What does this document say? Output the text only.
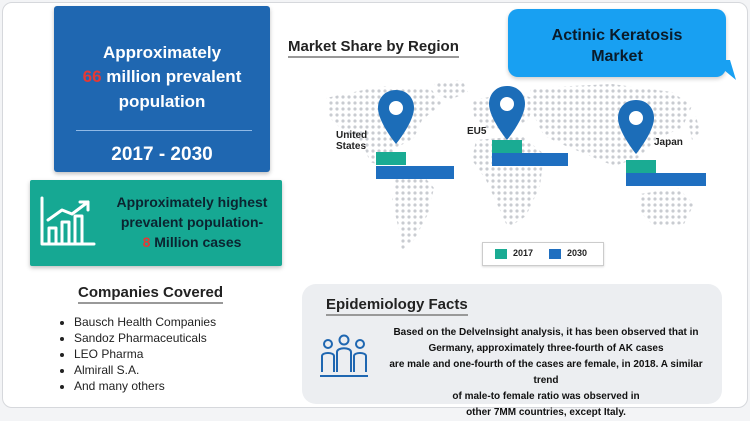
Approximately
66 million prevalent
population
2017 - 2030
Approximately highest
prevalent population-
8 Million cases
Companies Covered
• Bausch Health Companies
• Sandoz Pharmaceuticals
• LEO Pharma
• Almirall S.A.
• And many others
Market Share by Region
Actinic Keratosis
Market
United
States
EU5
Japan
2017	2030
Epidemiology Facts
Based on the DelveInsight analysis, it has been observed that in
Germany, approximately three-fourth of AK cases
are male and one-fourth of the cases are female, in 2018. A similar trend
of male-to female ratio was observed in
other 7MM countries, except Italy.
